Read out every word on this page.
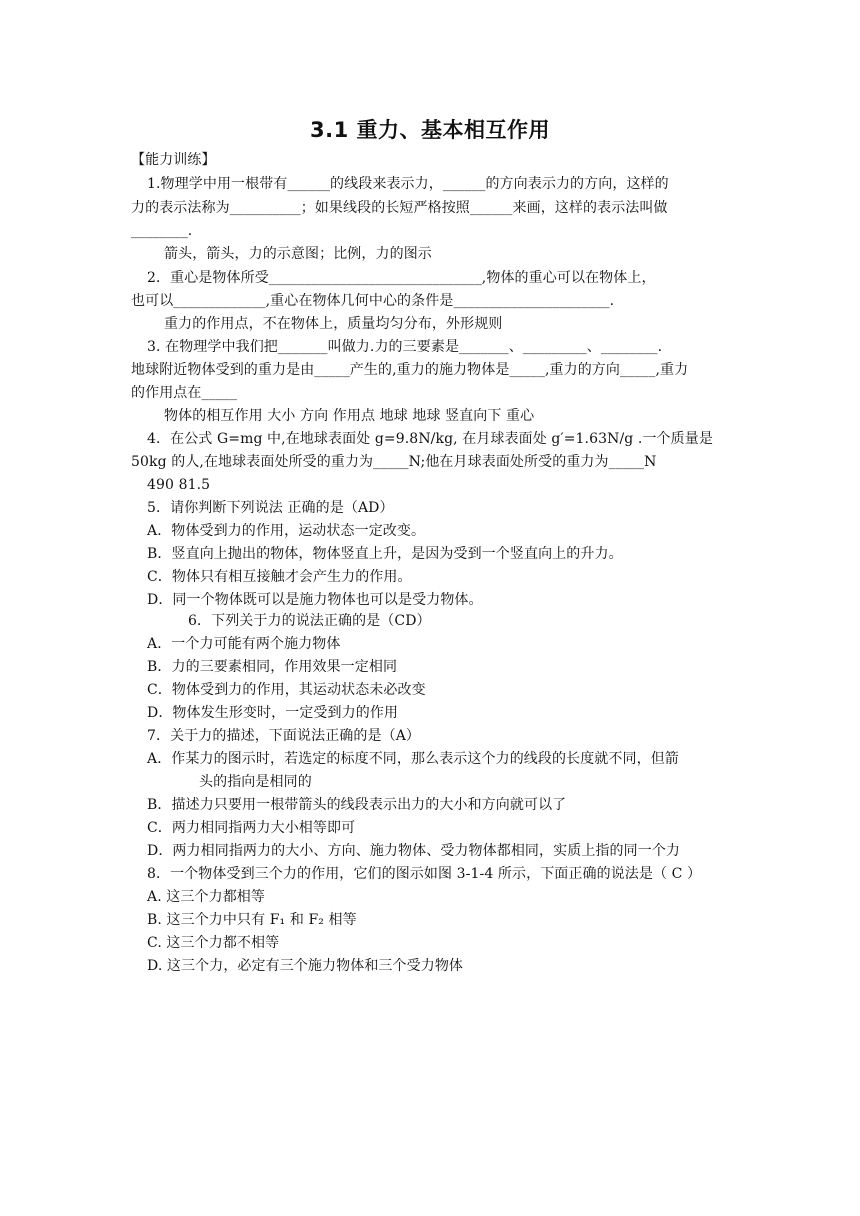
3.1 重力、基本相互作用
【能力训练】
1.物理学中用一根带有______的线段来表示力，______的方向表示力的方向，这样的
力的表示法称为__________；如果线段的长短严格按照______来画，这样的表示法叫做
________.
箭头，箭头，力的示意图；比例，力的图示
2．重心是物体所受______________________________,物体的重心可以在物体上，
也可以_____________,重心在物体几何中心的条件是______________________.
重力的作用点，不在物体上，质量均匀分布，外形规则
3. 在物理学中我们把_______叫做力.力的三要素是_______、_________、________.
地球附近物体受到的重力是由_____产生的,重力的施力物体是_____,重力的方向_____,重力
的作用点在_____
物体的相互作用 大小 方向 作用点 地球 地球 竖直向下 重心
4．在公式 G=mg 中,在地球表面处 g=9.8N/kg, 在月球表面处 g′=1.63N/g .一个质量是
50kg 的人,在地球表面处所受的重力为_____N;他在月球表面处所受的重力为_____N
490 81.5
5．请你判断下列说法 正确的是（AD）
A．物体受到力的作用，运动状态一定改变。
B．竖直向上抛出的物体，物体竖直上升，是因为受到一个竖直向上的升力。
C．物体只有相互接触才会产生力的作用。
D．同一个物体既可以是施力物体也可以是受力物体。
6．下列关于力的说法正确的是（CD）
A．一个力可能有两个施力物体
B．力的三要素相同，作用效果一定相同
C．物体受到力的作用，其运动状态未必改变
D．物体发生形变时，一定受到力的作用
7．关于力的描述，下面说法正确的是（A）
A．作某力的图示时，若选定的标度不同，那么表示这个力的线段的长度就不同，但箭
头的指向是相同的
B．描述力只要用一根带箭头的线段表示出力的大小和方向就可以了
C．两力相同指两力大小相等即可
D．两力相同指两力的大小、方向、施力物体、受力物体都相同，实质上指的同一个力
8．一个物体受到三个力的作用，它们的图示如图 3-1-4 所示，下面正确的说法是（ C ）
A. 这三个力都相等
B. 这三个力中只有 F₁ 和 F₂ 相等
C. 这三个力都不相等
D. 这三个力，必定有三个施力物体和三个受力物体
